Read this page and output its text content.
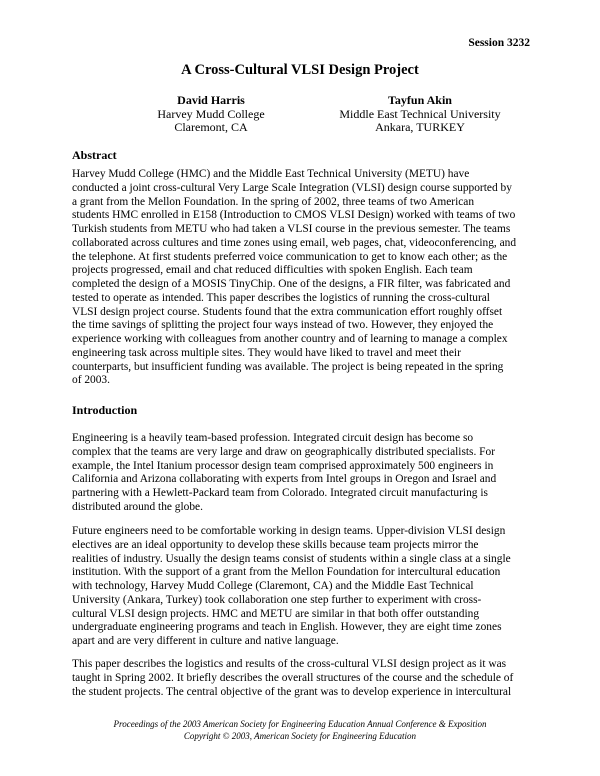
Session 3232
A Cross-Cultural VLSI Design Project
David Harris
Harvey Mudd College
Claremont, CA
Tayfun Akin
Middle East Technical University
Ankara, TURKEY
Abstract
Harvey Mudd College (HMC) and the Middle East Technical University (METU) have
conducted a joint cross-cultural Very Large Scale Integration (VLSI) design course supported by
a grant from the Mellon Foundation. In the spring of 2002, three teams of two American
students HMC enrolled in E158 (Introduction to CMOS VLSI Design) worked with teams of two
Turkish students from METU who had taken a VLSI course in the previous semester. The teams
collaborated across cultures and time zones using email, web pages, chat, videoconferencing, and
the telephone. At first students preferred voice communication to get to know each other; as the
projects progressed, email and chat reduced difficulties with spoken English. Each team
completed the design of a MOSIS TinyChip. One of the designs, a FIR filter, was fabricated and
tested to operate as intended. This paper describes the logistics of running the cross-cultural
VLSI design project course. Students found that the extra communication effort roughly offset
the time savings of splitting the project four ways instead of two. However, they enjoyed the
experience working with colleagues from another country and of learning to manage a complex
engineering task across multiple sites. They would have liked to travel and meet their
counterparts, but insufficient funding was available. The project is being repeated in the spring
of 2003.
Introduction
Engineering is a heavily team-based profession. Integrated circuit design has become so
complex that the teams are very large and draw on geographically distributed specialists. For
example, the Intel Itanium processor design team comprised approximately 500 engineers in
California and Arizona collaborating with experts from Intel groups in Oregon and Israel and
partnering with a Hewlett-Packard team from Colorado. Integrated circuit manufacturing is
distributed around the globe.
Future engineers need to be comfortable working in design teams. Upper-division VLSI design
electives are an ideal opportunity to develop these skills because team projects mirror the
realities of industry. Usually the design teams consist of students within a single class at a single
institution. With the support of a grant from the Mellon Foundation for intercultural education
with technology, Harvey Mudd College (Claremont, CA) and the Middle East Technical
University (Ankara, Turkey) took collaboration one step further to experiment with cross-
cultural VLSI design projects. HMC and METU are similar in that both offer outstanding
undergraduate engineering programs and teach in English. However, they are eight time zones
apart and are very different in culture and native language.
This paper describes the logistics and results of the cross-cultural VLSI design project as it was
taught in Spring 2002. It briefly describes the overall structures of the course and the schedule of
the student projects. The central objective of the grant was to develop experience in intercultural
Proceedings of the 2003 American Society for Engineering Education Annual Conference & Exposition
Copyright © 2003, American Society for Engineering Education
